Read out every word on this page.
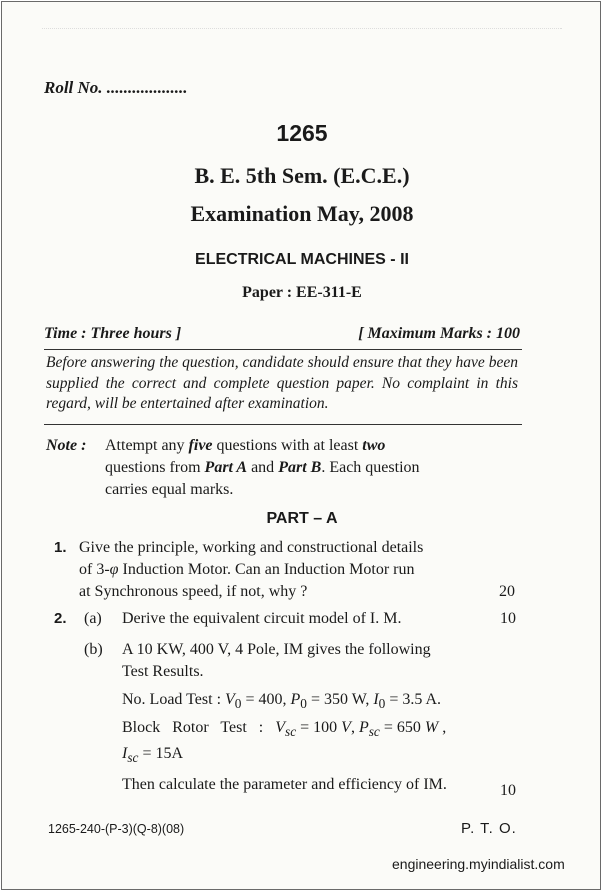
Roll No. ...................
1265
B. E. 5th Sem. (E.C.E.)
Examination May, 2008
ELECTRICAL MACHINES - II
Paper : EE-311-E
Time : Three hours ]	[ Maximum Marks : 100
Before answering the question, candidate should ensure that they have been supplied the correct and complete question paper. No complaint in this regard, will be entertained after examination.
Note :	Attempt any five questions with at least two
questions from Part A and Part B. Each question
carries equal marks.
PART – A
1. Give the principle, working and constructional details
of 3-φ Induction Motor. Can an Induction Motor run
at Synchronous speed, if not, why ?	20
2. (a) Derive the equivalent circuit model of I. M.	10
(b) A 10 KW, 400 V, 4 Pole, IM gives the following
Test Results.
No. Load Test : $V_0 = 400$, $P_0 = 350$ W, $I_0 = 3.5$ A.
Block   Rotor   Test   :   $V_{sc} = 100$ V, $P_{sc} = 650$ W ,
$I_{sc} = 15A$
Then calculate the parameter and efficiency of IM.	10
1265-240-(P-3)(Q-8)(08)	P. T. O.
engineering.myindialist.com
